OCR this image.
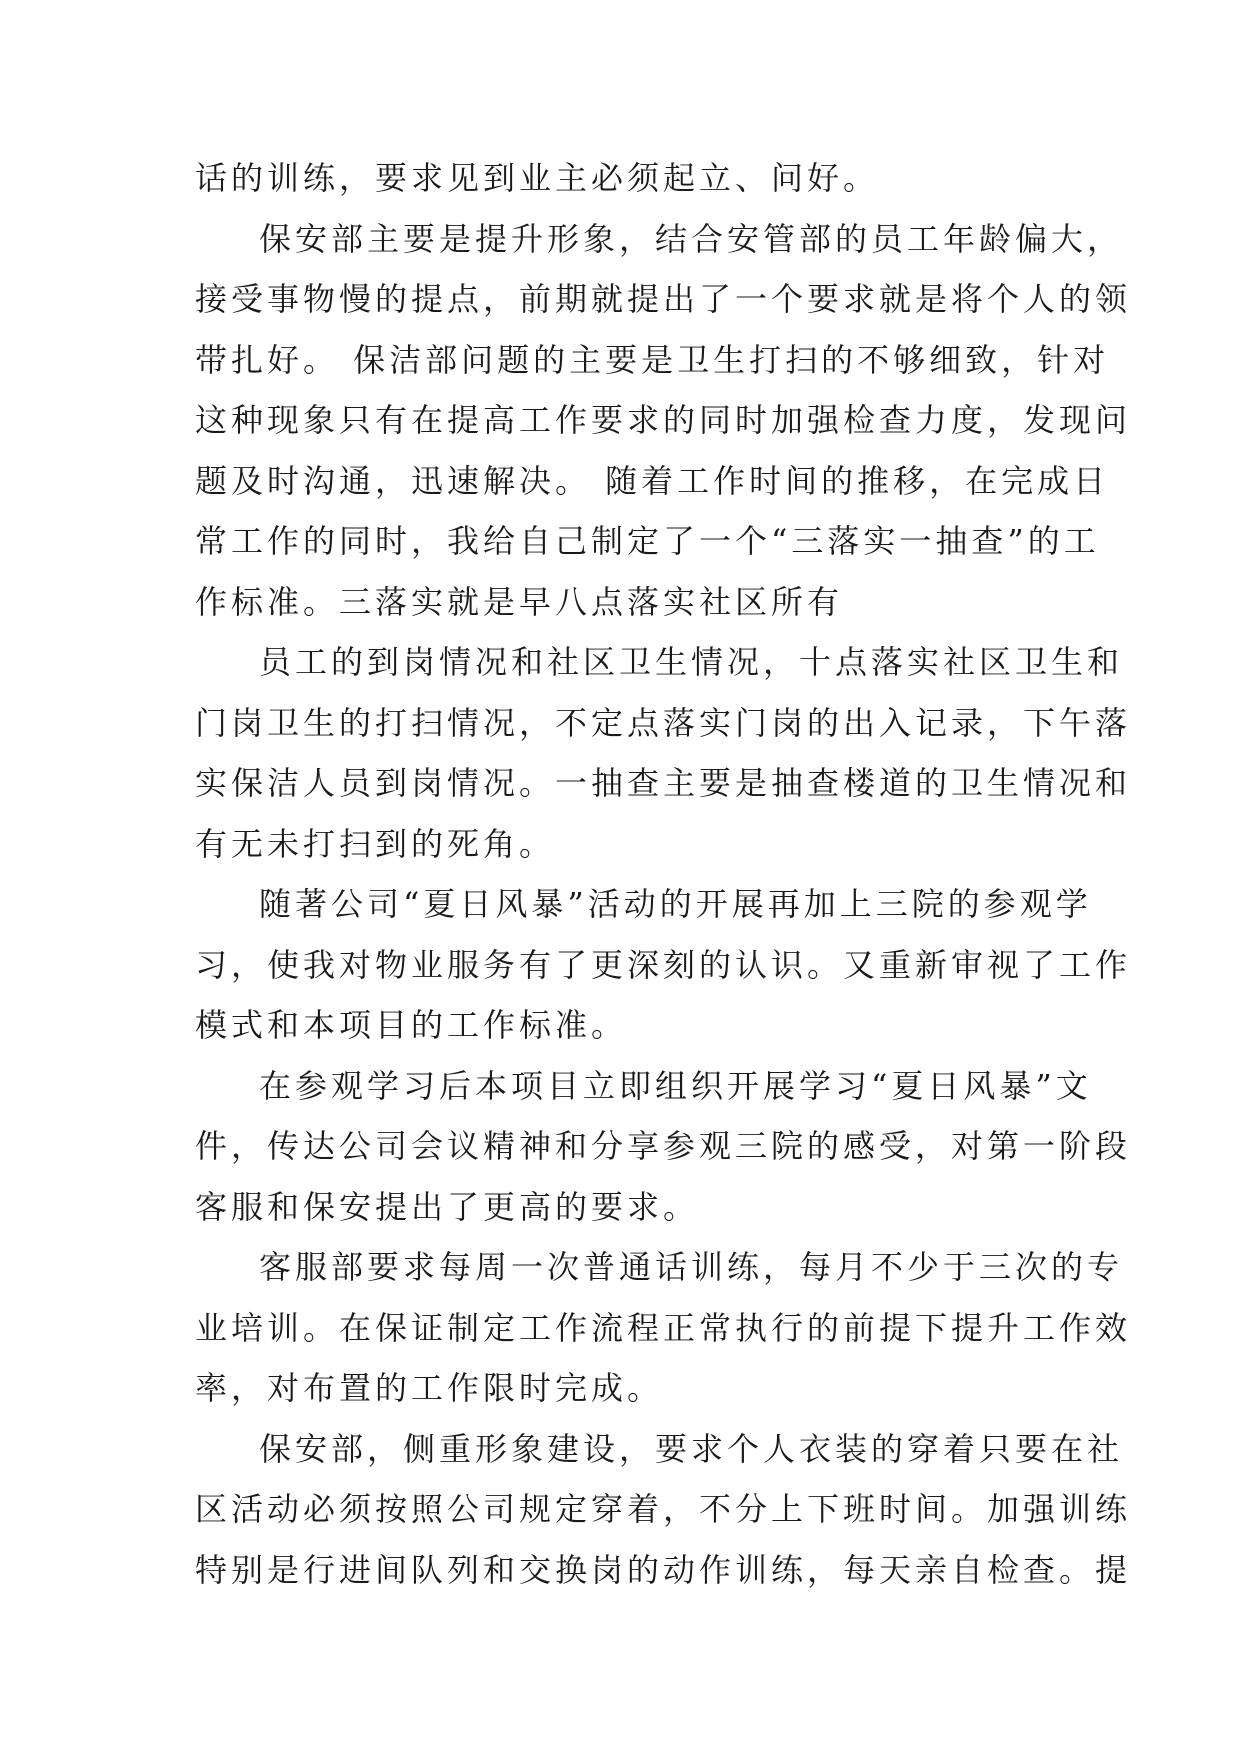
话的训练，要求见到业主必须起立、问好。
保安部主要是提升形象，结合安管部的员工年龄偏大，
接受事物慢的提点，前期就提出了一个要求就是将个人的领
带扎好。 保洁部问题的主要是卫生打扫的不够细致，针对
这种现象只有在提高工作要求的同时加强检查力度，发现问
题及时沟通，迅速解决。 随着工作时间的推移，在完成日
常工作的同时，我给自己制定了一个“三落实一抽查”的工
作标准。三落实就是早八点落实社区所有
员工的到岗情况和社区卫生情况，十点落实社区卫生和
门岗卫生的打扫情况，不定点落实门岗的出入记录，下午落
实保洁人员到岗情况。一抽查主要是抽查楼道的卫生情况和
有无未打扫到的死角。
随著公司“夏日风暴”活动的开展再加上三院的参观学
习，使我对物业服务有了更深刻的认识。又重新审视了工作
模式和本项目的工作标准。
在参观学习后本项目立即组织开展学习“夏日风暴”文
件，传达公司会议精神和分享参观三院的感受，对第一阶段
客服和保安提出了更高的要求。
客服部要求每周一次普通话训练，每月不少于三次的专
业培训。在保证制定工作流程正常执行的前提下提升工作效
率，对布置的工作限时完成。
保安部，侧重形象建设，要求个人衣装的穿着只要在社
区活动必须按照公司规定穿着，不分上下班时间。加强训练
特别是行进间队列和交换岗的动作训练，每天亲自检查。提
